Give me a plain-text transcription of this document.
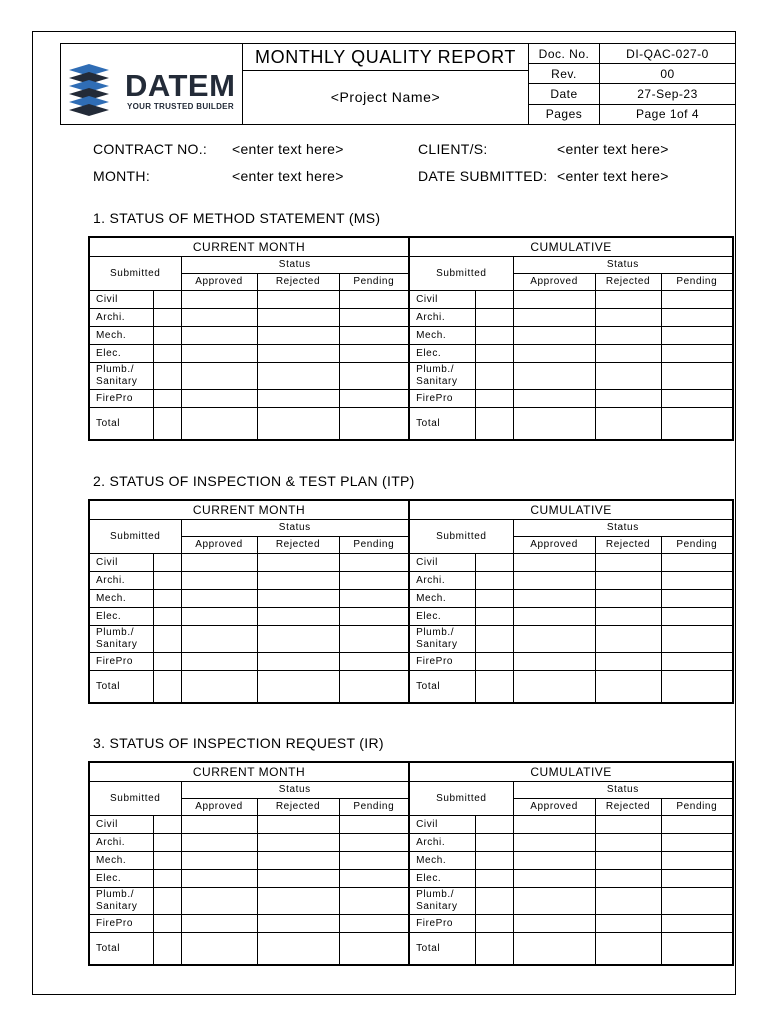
DATEM
YOUR TRUSTED BUILDER
MONTHLY QUALITY REPORT
<Project Name>
Doc. No.	DI-QAC-027-0
Rev.	00
Date	27-Sep-23
Pages	Page 1of 4
CONTRACT NO.: <enter text here>	CLIENT/S:	<enter text here>
MONTH:	<enter text here>	DATE SUBMITTED: <enter text here>
1. STATUS OF METHOD STATEMENT (MS)
CURRENT MONTH					CUMULATIVE				
Submitted		Status			Submitted		Status		
		Approved	Rejected	Pending			Approved	Rejected	Pending
Civil					Civil				
Archi.					Archi.				
Mech.					Mech.				
Elec.					Elec.				
Plumb./ Sanitary					Plumb./ Sanitary				
FirePro					FirePro				
Total					Total				
2. STATUS OF INSPECTION & TEST PLAN (ITP)
CURRENT MONTH					CUMULATIVE				
Submitted		Status			Submitted		Status		
		Approved	Rejected	Pending			Approved	Rejected	Pending
Civil					Civil				
Archi.					Archi.				
Mech.					Mech.				
Elec.					Elec.				
Plumb./ Sanitary					Plumb./ Sanitary				
FirePro					FirePro				
Total					Total				
3. STATUS OF INSPECTION REQUEST (IR)
CURRENT MONTH					CUMULATIVE				
Submitted		Status			Submitted		Status		
		Approved	Rejected	Pending			Approved	Rejected	Pending
Civil					Civil				
Archi.					Archi.				
Mech.					Mech.				
Elec.					Elec.				
Plumb./ Sanitary					Plumb./ Sanitary				
FirePro					FirePro				
Total					Total				
